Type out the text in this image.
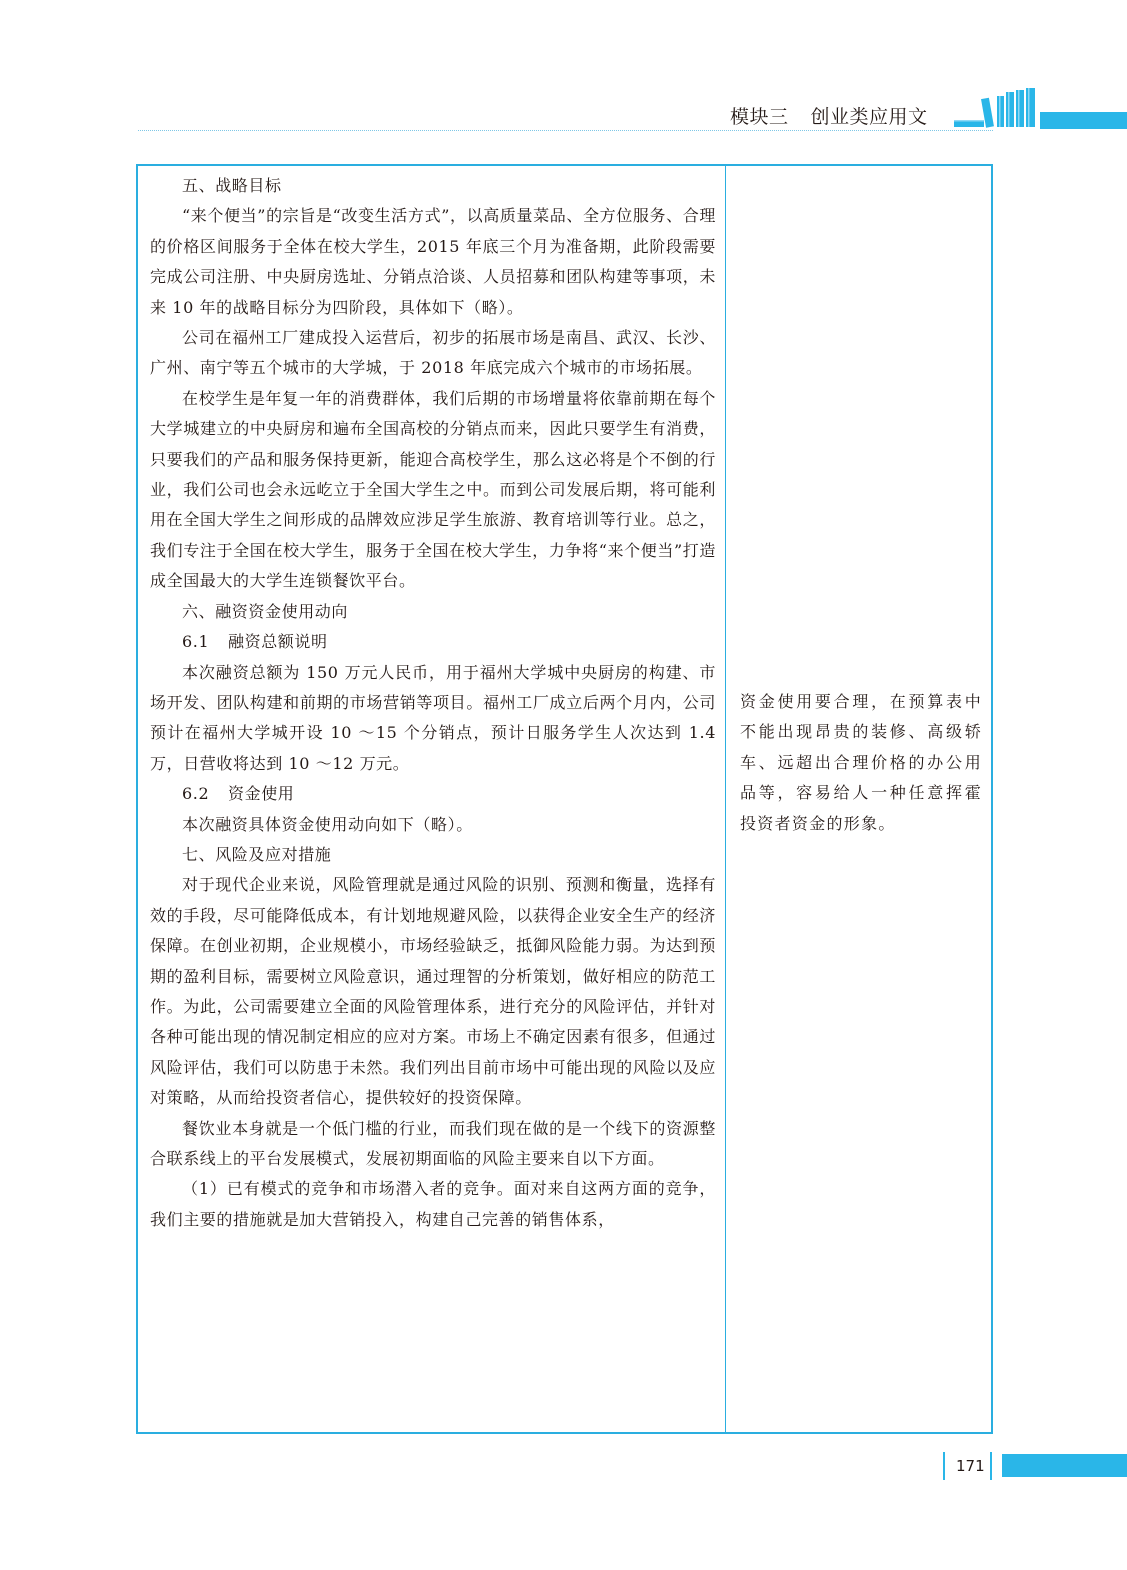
模块三 创业类应用文

五、战略目标

“来个便当”的宗旨是“改变生活方式”，以高质量菜品、全方位服务、合理的价格区间服务于全体在校大学生，2015 年底三个月为准备期，此阶段需要完成公司注册、中央厨房选址、分销点洽谈、人员招募和团队构建等事项，未来 10 年的战略目标分为四阶段，具体如下（略）。

公司在福州工厂建成投入运营后，初步的拓展市场是南昌、武汉、长沙、广州、南宁等五个城市的大学城，于 2018 年底完成六个城市的市场拓展。

在校学生是年复一年的消费群体，我们后期的市场增量将依靠前期在每个大学城建立的中央厨房和遍布全国高校的分销点而来，因此只要学生有消费，只要我们的产品和服务保持更新，能迎合高校学生，那么这必将是个不倒的行业，我们公司也会永远屹立于全国大学生之中。而到公司发展后期，将可能利用在全国大学生之间形成的品牌效应涉足学生旅游、教育培训等行业。总之，我们专注于全国在校大学生，服务于全国在校大学生，力争将“来个便当”打造成全国最大的大学生连锁餐饮平台。

六、融资资金使用动向

6.1 融资总额说明

本次融资总额为 150 万元人民币，用于福州大学城中央厨房的构建、市场开发、团队构建和前期的市场营销等项目。福州工厂成立后两个月内，公司预计在福州大学城开设 10 ～15 个分销点，预计日服务学生人次达到 1.4 万，日营收将达到 10 ～12 万元。

6.2 资金使用

本次融资具体资金使用动向如下（略）。

七、风险及应对措施

对于现代企业来说，风险管理就是通过风险的识别、预测和衡量，选择有效的手段，尽可能降低成本，有计划地规避风险，以获得企业安全生产的经济保障。在创业初期，企业规模小，市场经验缺乏，抵御风险能力弱。为达到预期的盈利目标，需要树立风险意识，通过理智的分析策划，做好相应的防范工作。为此，公司需要建立全面的风险管理体系，进行充分的风险评估，并针对各种可能出现的情况制定相应的应对方案。市场上不确定因素有很多，但通过风险评估，我们可以防患于未然。我们列出目前市场中可能出现的风险以及应对策略，从而给投资者信心，提供较好的投资保障。

餐饮业本身就是一个低门槛的行业，而我们现在做的是一个线下的资源整合联系线上的平台发展模式，发展初期面临的风险主要来自以下方面。

（1）已有模式的竞争和市场潜入者的竞争。面对来自这两方面的竞争，我们主要的措施就是加大营销投入，构建自己完善的销售体系，

资金使用要合理，在预算表中不能出现昂贵的装修、高级轿车、远超出合理价格的办公用品等，容易给人一种任意挥霍投资者资金的形象。

171
